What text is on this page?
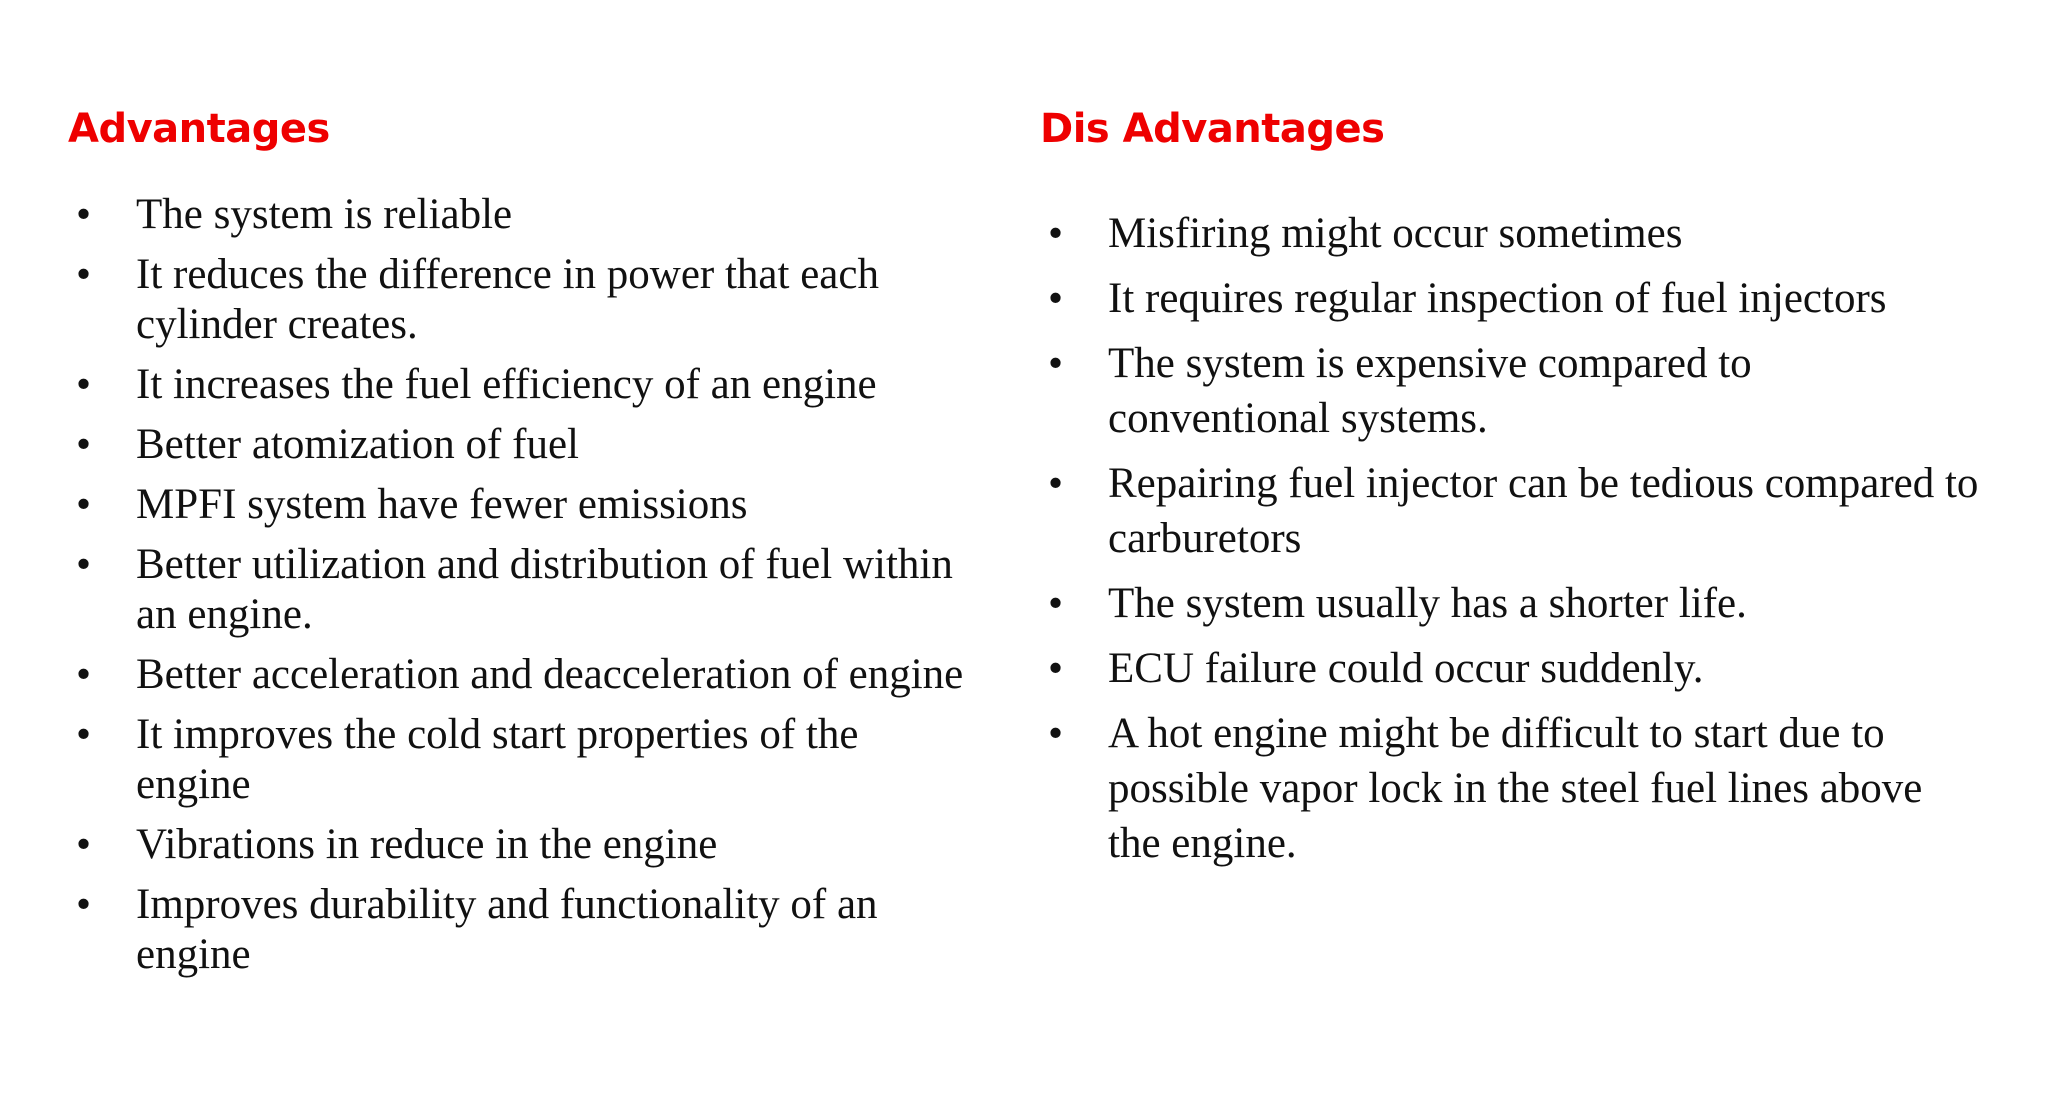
Advantages
• The system is reliable
• It reduces the difference in power that each cylinder creates.
• It increases the fuel efficiency of an engine
• Better atomization of fuel
• MPFI system have fewer emissions
• Better utilization and distribution of fuel within an engine.
• Better acceleration and deacceleration of engine
• It improves the cold start properties of the engine
• Vibrations in reduce in the engine
• Improves durability and functionality of an engine
Dis Advantages
• Misfiring might occur sometimes
• It requires regular inspection of fuel injectors
• The system is expensive compared to conventional systems.
• Repairing fuel injector can be tedious compared to carburetors
• The system usually has a shorter life.
• ECU failure could occur suddenly.
• A hot engine might be difficult to start due to possible vapor lock in the steel fuel lines above the engine.
